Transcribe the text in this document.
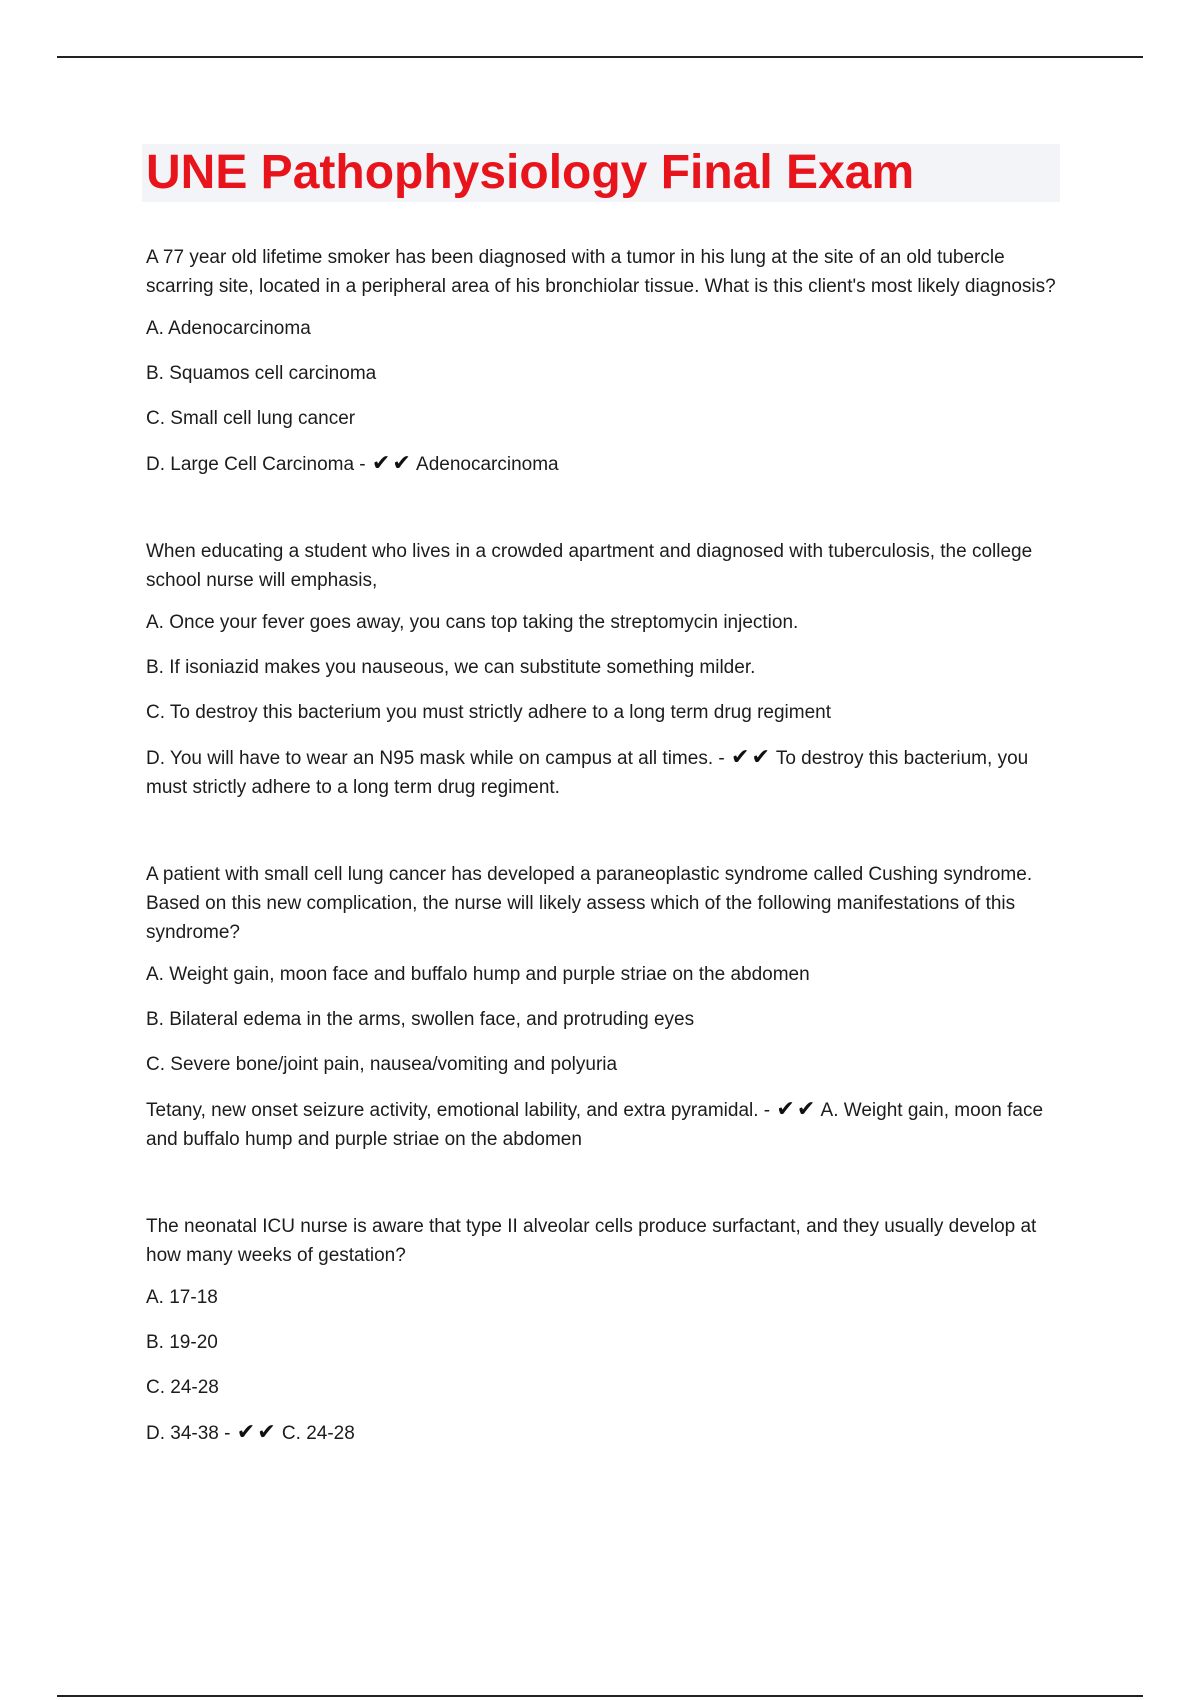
UNE Pathophysiology Final Exam

A 77 year old lifetime smoker has been diagnosed with a tumor in his lung at the site of an old tubercle scarring site, located in a peripheral area of his bronchiolar tissue. What is this client's most likely diagnosis?

A. Adenocarcinoma

B. Squamos cell carcinoma

C. Small cell lung cancer

D. Large Cell Carcinoma - ✔✔ Adenocarcinoma

When educating a student who lives in a crowded apartment and diagnosed with tuberculosis, the college school nurse will emphasis,

A. Once your fever goes away, you cans top taking the streptomycin injection.

B. If isoniazid makes you nauseous, we can substitute something milder.

C. To destroy this bacterium you must strictly adhere to a long term drug regiment

D. You will have to wear an N95 mask while on campus at all times. - ✔✔ To destroy this bacterium, you must strictly adhere to a long term drug regiment.

A patient with small cell lung cancer has developed a paraneoplastic syndrome called Cushing syndrome. Based on this new complication, the nurse will likely assess which of the following manifestations of this syndrome?

A. Weight gain, moon face and buffalo hump and purple striae on the abdomen

B. Bilateral edema in the arms, swollen face, and protruding eyes

C. Severe bone/joint pain, nausea/vomiting and polyuria

Tetany, new onset seizure activity, emotional lability, and extra pyramidal. - ✔✔ A. Weight gain, moon face and buffalo hump and purple striae on the abdomen

The neonatal ICU nurse is aware that type II alveolar cells produce surfactant, and they usually develop at how many weeks of gestation?

A. 17-18

B. 19-20

C. 24-28

D. 34-38 - ✔✔ C. 24-28
